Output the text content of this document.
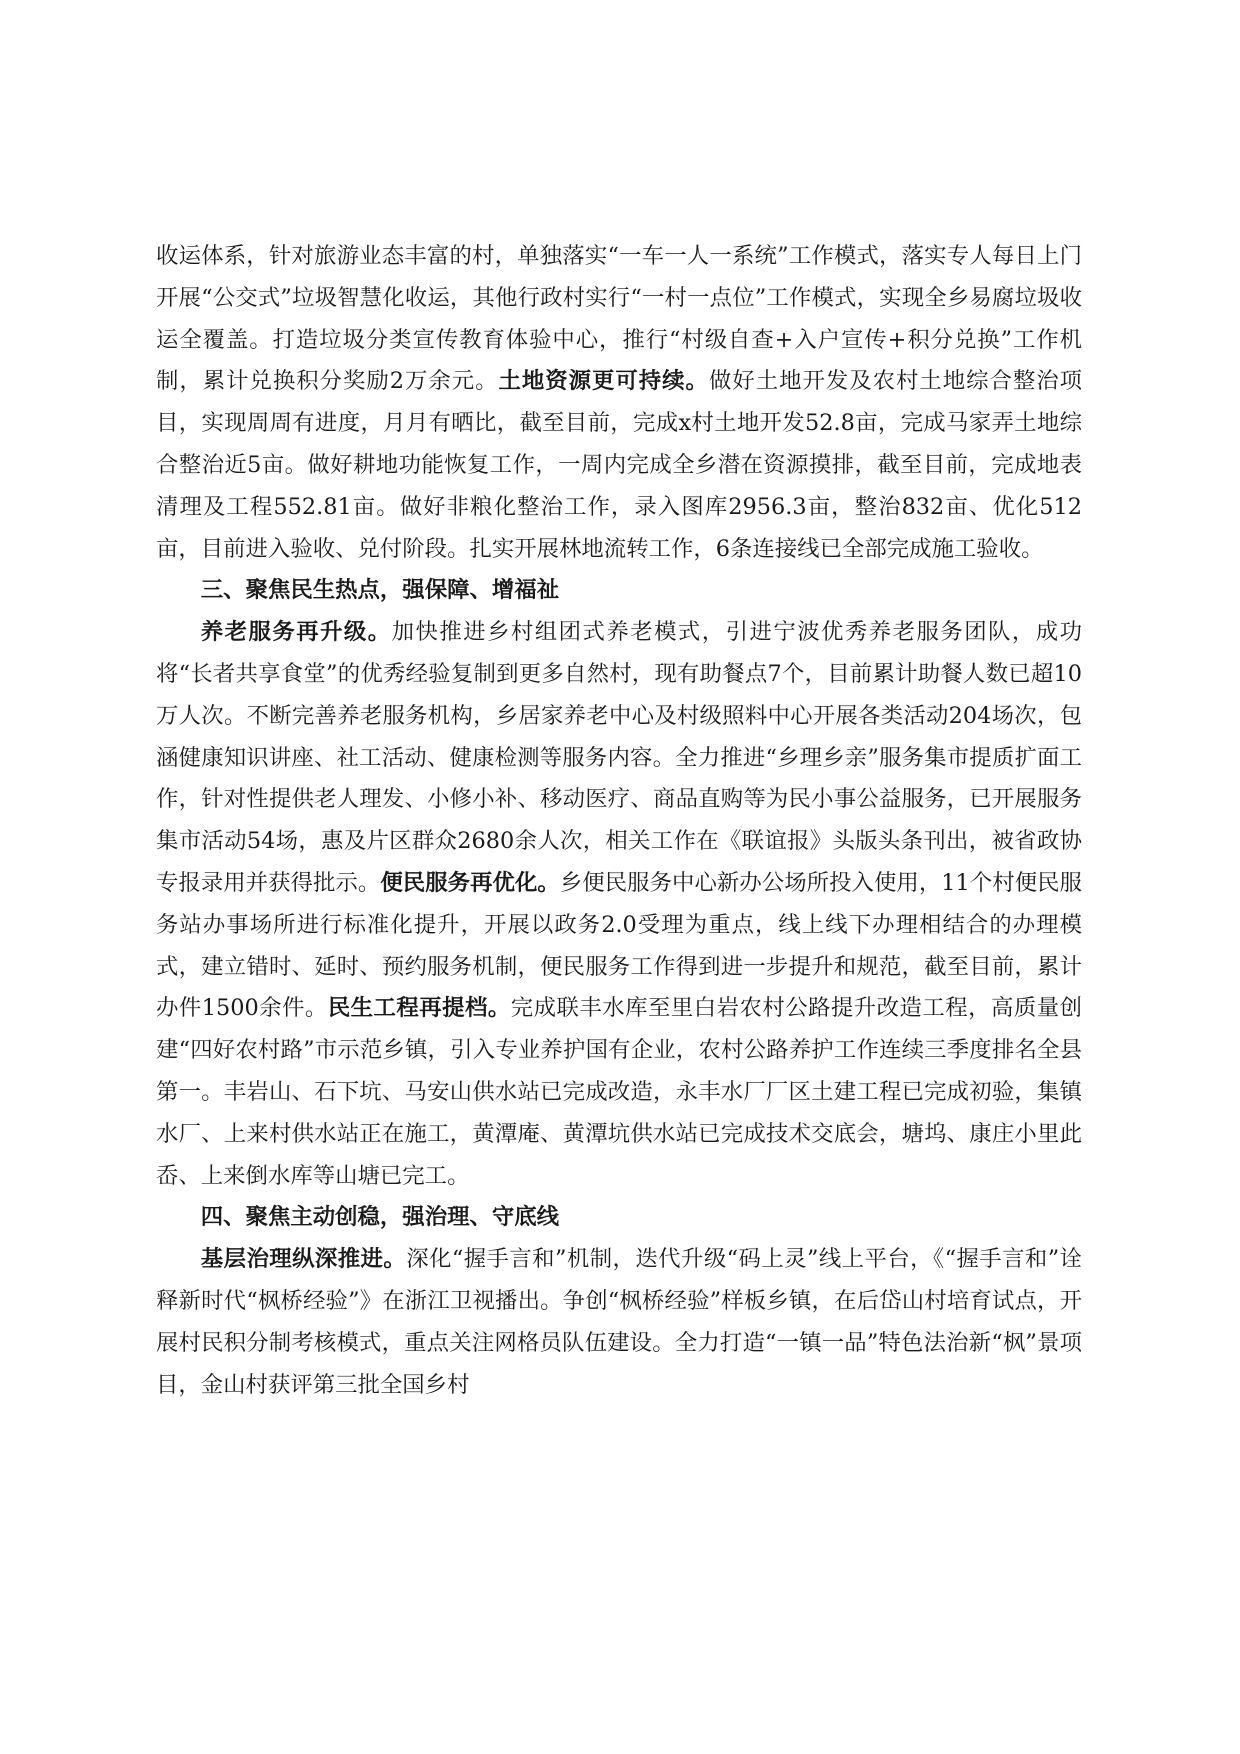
收运体系，针对旅游业态丰富的村，单独落实“一车一人一系统”工作模式，落实专人每日上门开展“公交式”垃圾智慧化收运，其他行政村实行“一村一点位”工作模式，实现全乡易腐垃圾收运全覆盖。打造垃圾分类宣传教育体验中心，推行“村级自查+入户宣传+积分兑换”工作机制，累计兑换积分奖励2万余元。土地资源更可持续。做好土地开发及农村土地综合整治项目，实现周周有进度，月月有晒比，截至目前，完成x村土地开发52.8亩，完成马家弄土地综合整治近5亩。做好耕地功能恢复工作，一周内完成全乡潜在资源摸排，截至目前，完成地表清理及工程552.81亩。做好非粮化整治工作，录入图库2956.3亩，整治832亩、优化512亩，目前进入验收、兑付阶段。扎实开展林地流转工作，6条连接线已全部完成施工验收。

三、聚焦民生热点，强保障、增福祉

养老服务再升级。加快推进乡村组团式养老模式，引进宁波优秀养老服务团队，成功将“长者共享食堂”的优秀经验复制到更多自然村，现有助餐点7个，目前累计助餐人数已超10万人次。不断完善养老服务机构，乡居家养老中心及村级照料中心开展各类活动204场次，包涵健康知识讲座、社工活动、健康检测等服务内容。全力推进“乡理乡亲”服务集市提质扩面工作，针对性提供老人理发、小修小补、移动医疗、商品直购等为民小事公益服务，已开展服务集市活动54场，惠及片区群众2680余人次，相关工作在《联谊报》头版头条刊出，被省政协专报录用并获得批示。便民服务再优化。乡便民服务中心新办公场所投入使用，11个村便民服务站办事场所进行标准化提升，开展以政务2.0受理为重点，线上线下办理相结合的办理模式，建立错时、延时、预约服务机制，便民服务工作得到进一步提升和规范，截至目前，累计办件1500余件。民生工程再提档。完成联丰水库至里白岩农村公路提升改造工程，高质量创建“四好农村路”市示范乡镇，引入专业养护国有企业，农村公路养护工作连续三季度排名全县第一。丰岩山、石下坑、马安山供水站已完成改造，永丰水厂厂区土建工程已完成初验，集镇水厂、上来村供水站正在施工，黄潭庵、黄潭坑供水站已完成技术交底会，塘坞、康庄小里此岙、上来倒水库等山塘已完工。

四、聚焦主动创稳，强治理、守底线

基层治理纵深推进。深化“握手言和”机制，迭代升级“码上灵”线上平台，《“握手言和”诠释新时代“枫桥经验”》在浙江卫视播出。争创“枫桥经验”样板乡镇，在后岱山村培育试点，开展村民积分制考核模式，重点关注网格员队伍建设。全力打造“一镇一品”特色法治新“枫”景项目，金山村获评第三批全国乡村
